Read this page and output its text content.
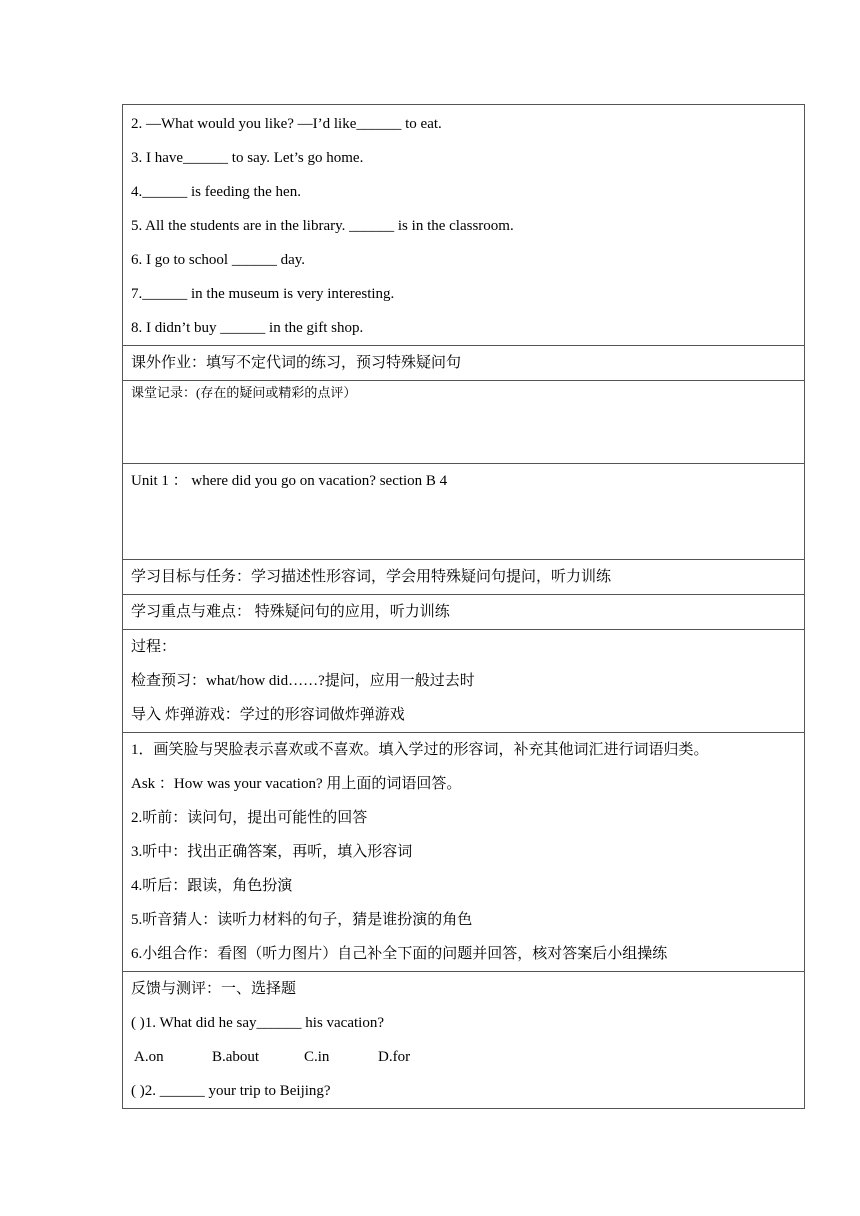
2. —What would you like? —I’d like______ to eat.
3. I have______ to say. Let’s go home.
4.______ is feeding the hen.
5. All the students are in the library. ______ is in the classroom.
6. I go to school ______ day.
7.______ in the museum is very interesting.
8. I didn’t buy ______ in the gift shop.

课外作业：填写不定代词的练习，预习特殊疑问句

课堂记录：(存在的疑问或精彩的点评）

Unit 1 ： where did you go on vacation? section B 4

学习目标与任务：学习描述性形容词，学会用特殊疑问句提问，听力训练

学习重点与难点： 特殊疑问句的应用，听力训练

过程：
检查预习：what/how did……?提问，应用一般过去时
导入 炸弹游戏：学过的形容词做炸弹游戏

1．画笑脸与哭脸表示喜欢或不喜欢。填入学过的形容词，补充其他词汇进行词语归类。
Ask ：How was your vacation? 用上面的词语回答。
2.听前：读问句，提出可能性的回答
3.听中：找出正确答案，再听，填入形容词
4.听后：跟读，角色扮演
5.听音猜人：读听力材料的句子，猜是谁扮演的角色
6.小组合作：看图（听力图片）自己补全下面的问题并回答，核对答案后小组操练

反馈与测评：一、选择题
( )1. What did he say______ his vacation?
A.on	B.about	C.in	D.for
( )2. ______ your trip to Beijing?
